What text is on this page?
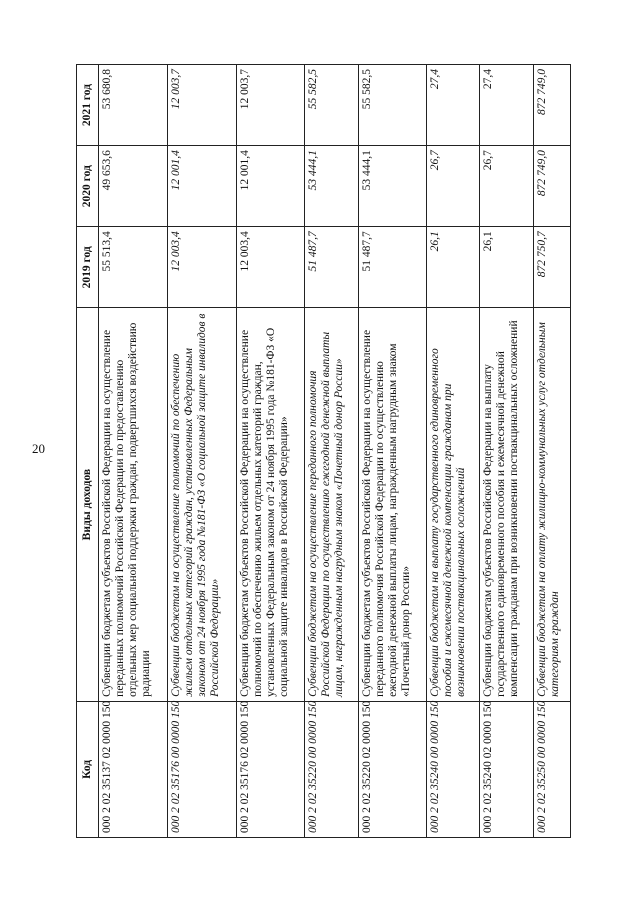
20
Код	Виды доходов	2019 год	2020 год	2021 год
000 2 02 35137 02 0000 150	Субвенции бюджетам субъектов Российской Федерации на осуществление переданных полномочий Российской Федерации по предоставлению отдельных мер социальной поддержки граждан, подвергшихся воздействию радиации	55 513,4	49 653,6	53 680,8
000 2 02 35176 00 0000 150	Субвенции бюджетам на осуществление полномочий по обеспечению жильем отдельных категорий граждан, установленных Федеральным законом от 24 ноября 1995 года №181-ФЗ «О социальной защите инвалидов в Российской Федерации»	12 003,4	12 001,4	12 003,7
000 2 02 35176 02 0000 150	Субвенции бюджетам субъектов Российской Федерации на осуществление полномочий по обеспечению жильем отдельных категорий граждан, установленных Федеральным законом от 24 ноября 1995 года №181-ФЗ «О социальной защите инвалидов в Российской Федерации»	12 003,4	12 001,4	12 003,7
000 2 02 35220 00 0000 150	Субвенции бюджетам на осуществление переданного полномочия Российской Федерации по осуществлению ежегодной денежной выплаты лицам, награжденным нагрудным знаком «Почетный донор России»	51 487,7	53 444,1	55 582,5
000 2 02 35220 02 0000 150	Субвенции бюджетам субъектов Российской Федерации на осуществление переданного полномочия Российской Федерации по осуществлению ежегодной денежной выплаты лицам, награжденным нагрудным знаком «Почетный донор России»	51 487,7	53 444,1	55 582,5
000 2 02 35240 00 0000 150	Субвенции бюджетам на выплату государственного единовременного пособия и ежемесячной денежной компенсации гражданам при возникновении поствакцинальных осложнений	26,1	26,7	27,4
000 2 02 35240 02 0000 150	Субвенции бюджетам субъектов Российской Федерации на выплату государственного единовременного пособия и ежемесячной денежной компенсации гражданам при возникновении поствакцинальных осложнений	26,1	26,7	27,4
000 2 02 35250 00 0000 150	Субвенции бюджетам на оплату жилищно-коммунальных услуг отдельным категориям граждан	872 750,7	872 749,0	872 749,0
